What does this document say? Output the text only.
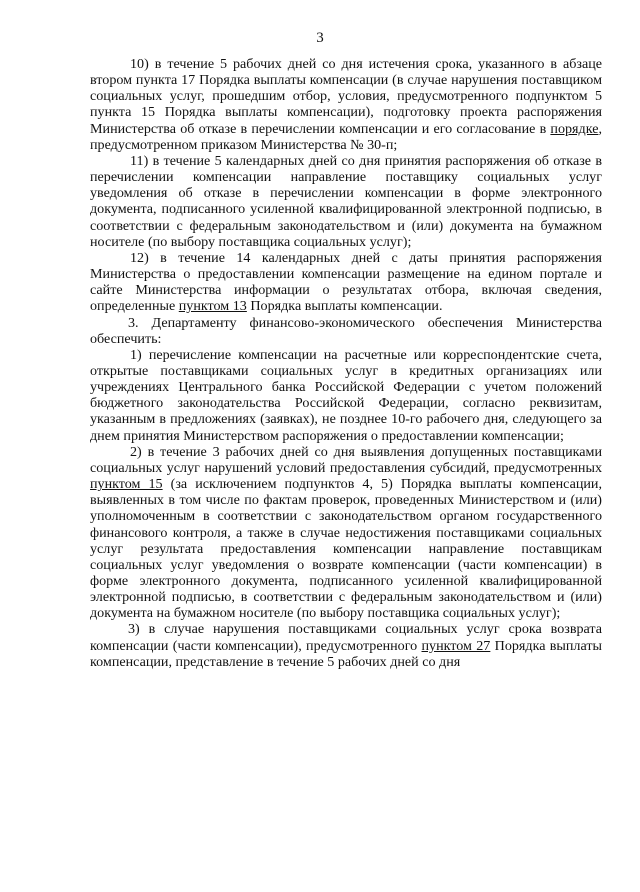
3

10) в течение 5 рабочих дней со дня истечения срока, указанного в абзаце втором пункта 17 Порядка выплаты компенсации (в случае нарушения поставщиком социальных услуг, прошедшим отбор, условия, предусмотренного подпунктом 5 пункта 15 Порядка выплаты компенсации), подготовку проекта распоряжения Министерства об отказе в перечислении компенсации и его согласование в порядке, предусмотренном приказом Министерства № 30-п;

11) в течение 5 календарных дней со дня принятия распоряжения об отказе в перечислении компенсации направление поставщику социальных услуг уведомления об отказе в перечислении компенсации в форме электронного документа, подписанного усиленной квалифицированной электронной подписью, в соответствии с федеральным законодательством и (или) документа на бумажном носителе (по выбору поставщика социальных услуг);

12) в течение 14 календарных дней с даты принятия распоряжения Министерства о предоставлении компенсации размещение на едином портале и сайте Министерства информации о результатах отбора, включая сведения, определенные пунктом 13 Порядка выплаты компенсации.

3. Департаменту финансово-экономического обеспечения Министерства обеспечить:

1) перечисление компенсации на расчетные или корреспондентские счета, открытые поставщиками социальных услуг в кредитных организациях или учреждениях Центрального банка Российской Федерации с учетом положений бюджетного законодательства Российской Федерации, согласно реквизитам, указанным в предложениях (заявках), не позднее 10-го рабочего дня, следующего за днем принятия Министерством распоряжения о предоставлении компенсации;

2) в течение 3 рабочих дней со дня выявления допущенных поставщиками социальных услуг нарушений условий предоставления субсидий, предусмотренных пунктом 15 (за исключением подпунктов 4, 5) Порядка выплаты компенсации, выявленных в том числе по фактам проверок, проведенных Министерством и (или) уполномоченным в соответствии с законодательством органом государственного финансового контроля, а также в случае недостижения поставщиками социальных услуг результата предоставления компенсации направление поставщикам социальных услуг уведомления о возврате компенсации (части компенсации) в форме электронного документа, подписанного усиленной квалифицированной электронной подписью, в соответствии с федеральным законодательством и (или) документа на бумажном носителе (по выбору поставщика социальных услуг);

3) в случае нарушения поставщиками социальных услуг срока возврата компенсации (части компенсации), предусмотренного пунктом 27 Порядка выплаты компенсации, представление в течение 5 рабочих дней со дня
